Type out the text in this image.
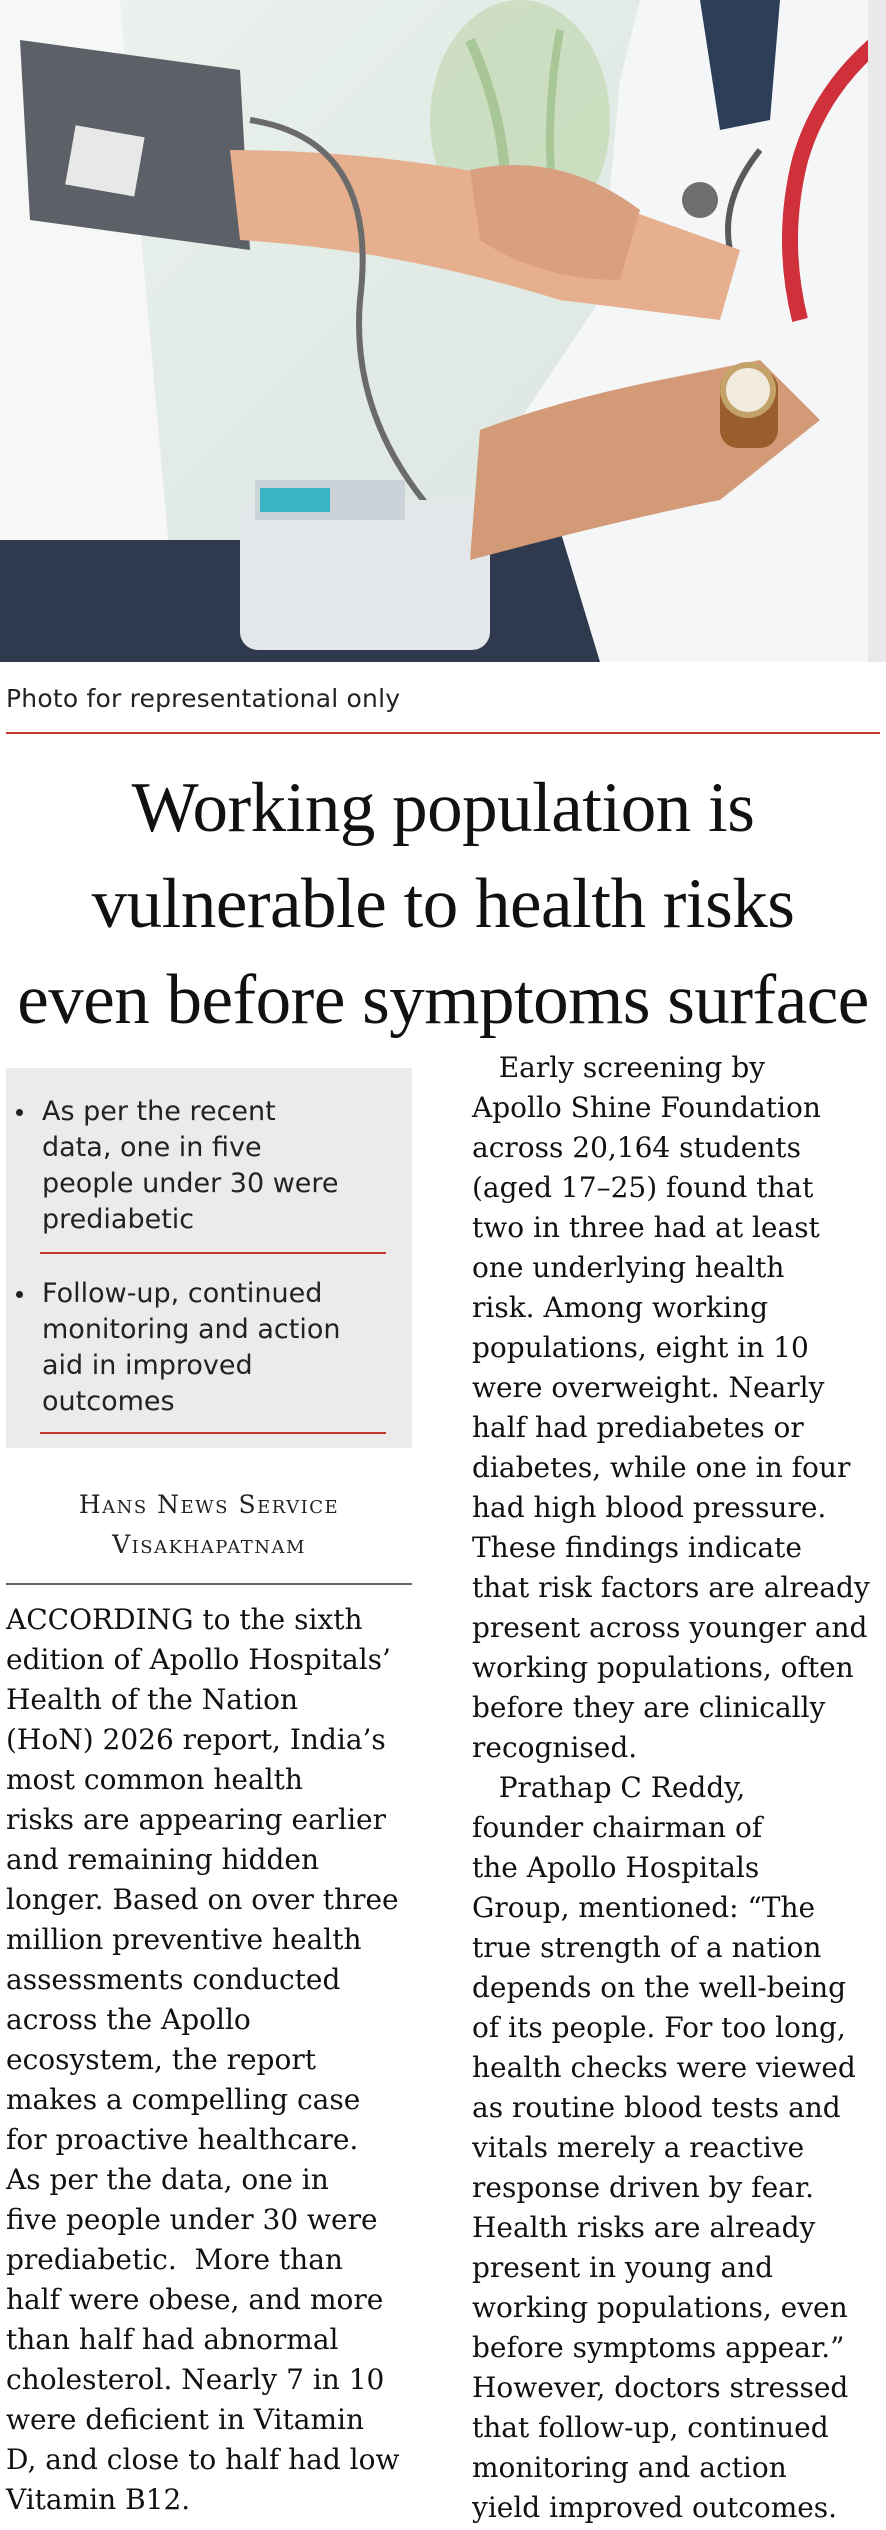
Photo for representational only
Working population is
vulnerable to health risks
even before symptoms surface
As per the recent
data, one in five
people under 30 were
prediabetic
Follow-up, continued
monitoring and action
aid in improved
outcomes
Hans News Service
Visakhapatnam
ACCORDING to the sixth
edition of Apollo Hospitals’
Health of the Nation
(HoN) 2026 report, India’s
most common health
risks are appearing earlier
and remaining hidden
longer. Based on over three
million preventive health
assessments conducted
across the Apollo
ecosystem, the report
makes a compelling case
for proactive healthcare.
As per the data, one in
five people under 30 were
prediabetic.  More than
half were obese, and more
than half had abnormal
cholesterol. Nearly 7 in 10
were deficient in Vitamin
D, and close to half had low
Vitamin B12.
Early screening by
Apollo Shine Foundation
across 20,164 students
(aged 17–25) found that
two in three had at least
one underlying health
risk. Among working
populations, eight in 10
were overweight. Nearly
half had prediabetes or
diabetes, while one in four
had high blood pressure.
These findings indicate
that risk factors are already
present across younger and
working populations, often
before they are clinically
recognised.
Prathap C Reddy,
founder chairman of
the Apollo Hospitals
Group, mentioned: “The
true strength of a nation
depends on the well-being
of its people. For too long,
health checks were viewed
as routine blood tests and
vitals merely a reactive
response driven by fear.
Health risks are already
present in young and
working populations, even
before symptoms appear.”
However, doctors stressed
that follow-up, continued
monitoring and action
yield improved outcomes.
